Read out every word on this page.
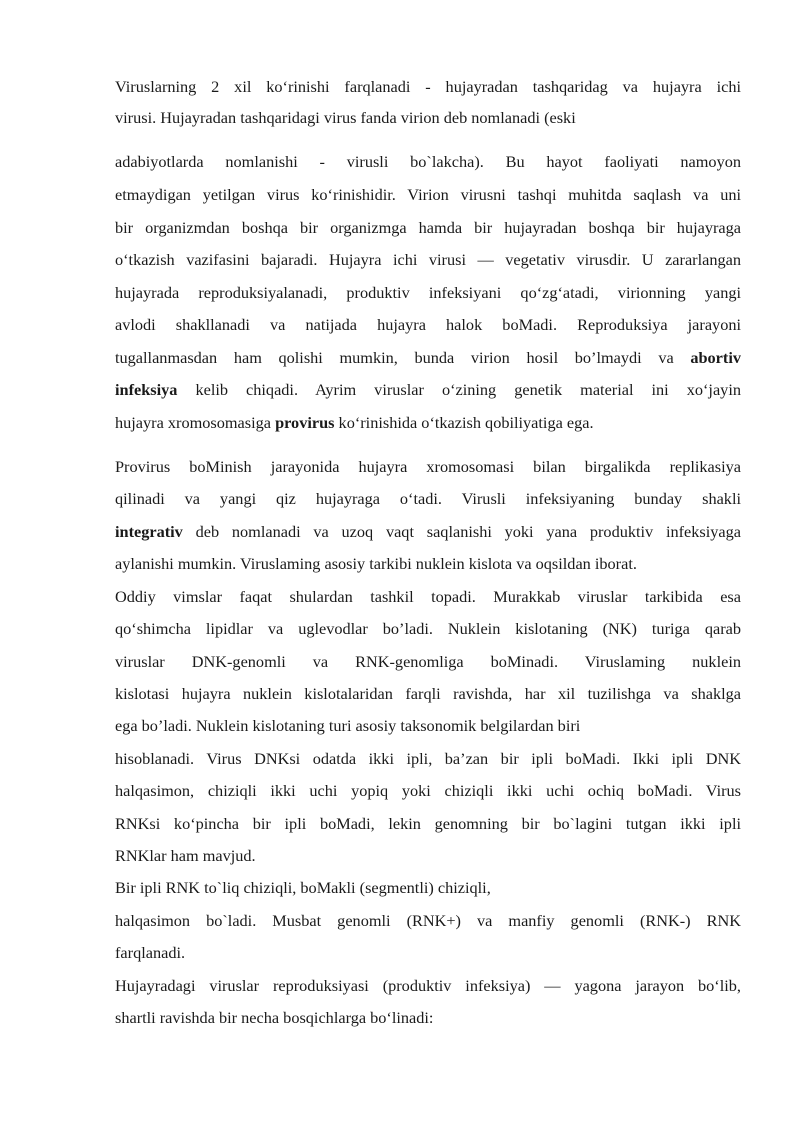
Viruslarning 2 xil ko‘rinishi farqlanadi - hujayradan tashqaridag va hujayra ichi
virusi. Hujayradan tashqaridagi virus fanda virion deb nomlanadi (eski
adabiyotlarda nomlanishi - virusli bo`lakcha). Bu hayot faoliyati namoyon
etmaydigan yetilgan virus ko‘rinishidir. Virion virusni tashqi muhitda saqlash va uni
bir organizmdan boshqa bir organizmga hamda bir hujayradan boshqa bir hujayraga
o‘tkazish vazifasini bajaradi. Hujayra ichi virusi — vegetativ virusdir. U zararlangan
hujayrada reproduksiyalanadi, produktiv infeksiyani qo‘zg‘atadi, virionning yangi
avlodi shakllanadi va natijada hujayra halok boMadi. Reproduksiya jarayoni
tugallanmasdan ham qolishi mumkin, bunda virion hosil bo’lmaydi va abortiv
infeksiya kelib chiqadi. Ayrim viruslar o‘zining genetik material ini xo‘jayin
hujayra xromosomasiga provirus ko‘rinishida o‘tkazish qobiliyatiga ega.
Provirus boMinish jarayonida hujayra xromosomasi bilan birgalikda replikasiya
qilinadi va yangi qiz hujayraga o‘tadi. Virusli infeksiyaning bunday shakli
integrativ deb nomlanadi va uzoq vaqt saqlanishi yoki yana produktiv infeksiyaga
aylanishi mumkin. Viruslaming asosiy tarkibi nuklein kislota va oqsildan iborat.
Oddiy vimslar faqat shulardan tashkil topadi. Murakkab viruslar tarkibida esa
qo‘shimcha lipidlar va uglevodlar bo’ladi. Nuklein kislotaning (NK) turiga qarab
viruslar DNK-genomli va RNK-genomliga boMinadi. Viruslaming nuklein
kislotasi hujayra nuklein kislotalaridan farqli ravishda, har xil tuzilishga va shaklga
ega bo’ladi. Nuklein kislotaning turi asosiy taksonomik belgilardan biri
hisoblanadi. Virus DNKsi odatda ikki ipli, ba’zan bir ipli boMadi. Ikki ipli DNK
halqasimon, chiziqli ikki uchi yopiq yoki chiziqli ikki uchi ochiq boMadi. Virus
RNKsi ko‘pincha bir ipli boMadi, lekin genomning bir bo`lagini tutgan ikki ipli
RNKlar ham mavjud.
Bir ipli RNK to`liq chiziqli, boMakli (segmentli) chiziqli,
halqasimon bo`ladi. Musbat genomli (RNK+) va manfiy genomli (RNK-) RNK
farqlanadi.
Hujayradagi viruslar reproduksiyasi (produktiv infeksiya) — yagona jarayon bo‘lib,
shartli ravishda bir necha bosqichlarga bo‘linadi:
